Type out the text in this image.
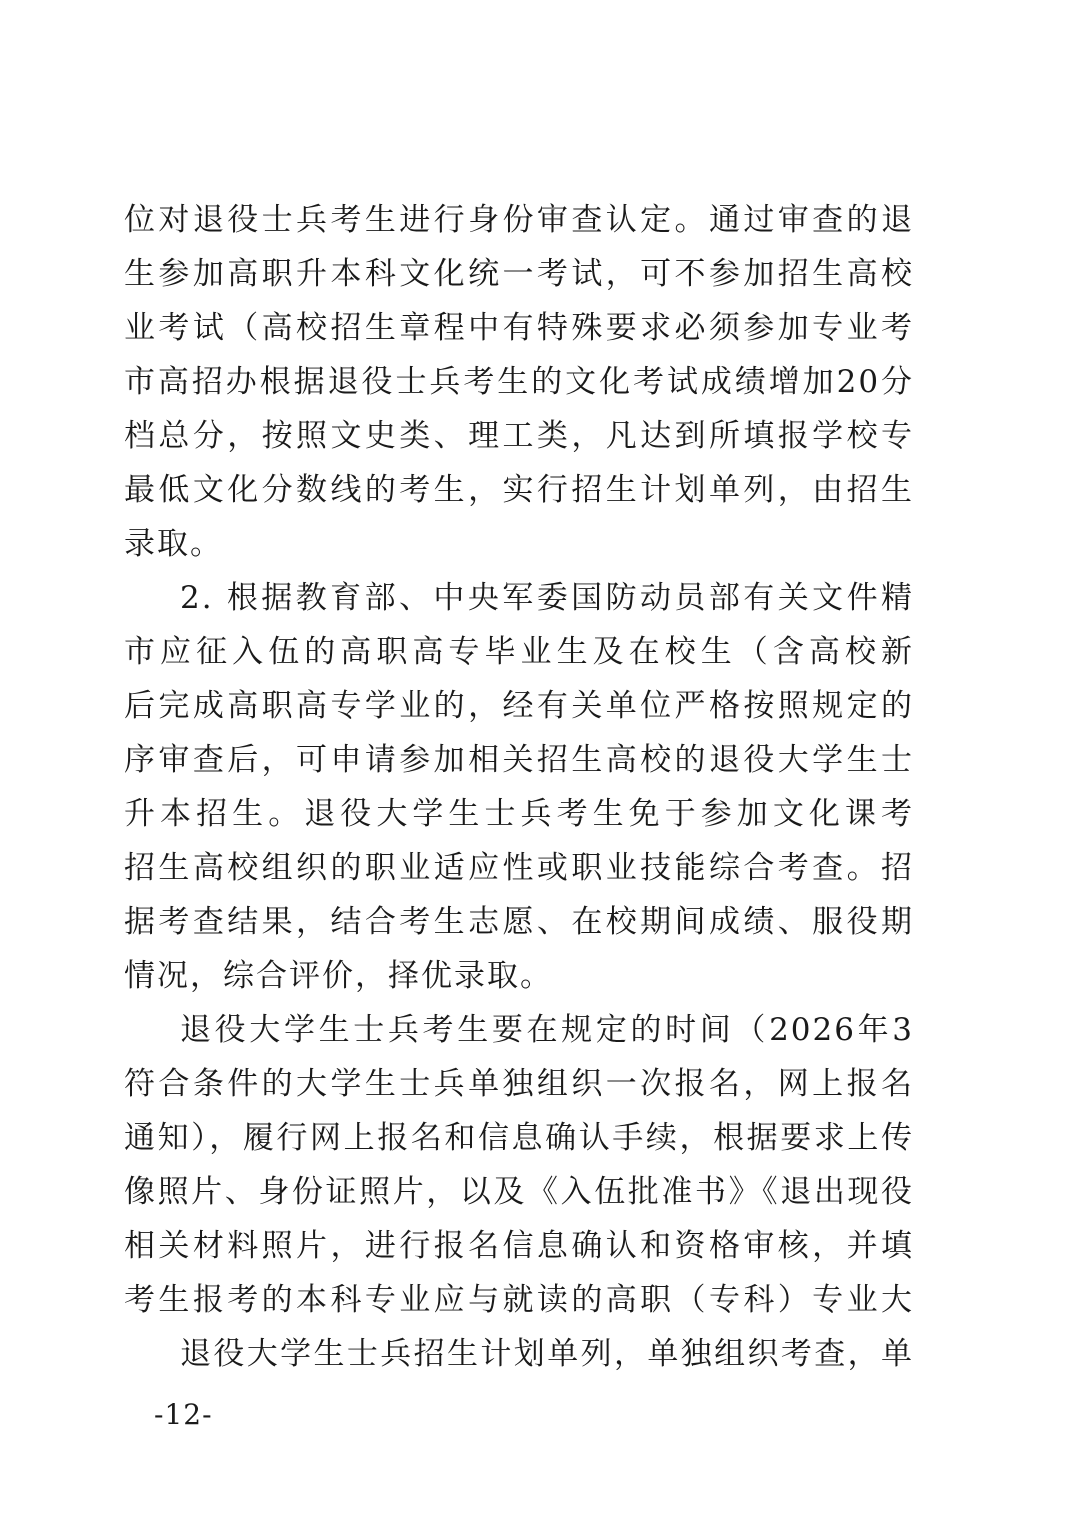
位对退役士兵考生进行身份审查认定。通过审查的退
生参加高职升本科文化统一考试，可不参加招生高校
业考试（高校招生章程中有特殊要求必须参加专业考
市高招办根据退役士兵考生的文化考试成绩增加20分
档总分，按照文史类、理工类，凡达到所填报学校专
最低文化分数线的考生，实行招生计划单列，由招生
录取。
2. 根据教育部、中央军委国防动员部有关文件精
市应征入伍的高职高专毕业生及在校生（含高校新
后完成高职高专学业的，经有关单位严格按照规定的
序审查后，可申请参加相关招生高校的退役大学生士
升本招生。退役大学生士兵考生免于参加文化课考
招生高校组织的职业适应性或职业技能综合考查。招
据考查结果，结合考生志愿、在校期间成绩、服役期
情况，综合评价，择优录取。
退役大学生士兵考生要在规定的时间（2026年3
符合条件的大学生士兵单独组织一次报名，网上报名
通知），履行网上报名和信息确认手续，根据要求上传
像照片、身份证照片，以及《入伍批准书》《退出现役
相关材料照片，进行报名信息确认和资格审核，并填
考生报考的本科专业应与就读的高职（专科）专业大
退役大学生士兵招生计划单列，单独组织考查，单
-12-
